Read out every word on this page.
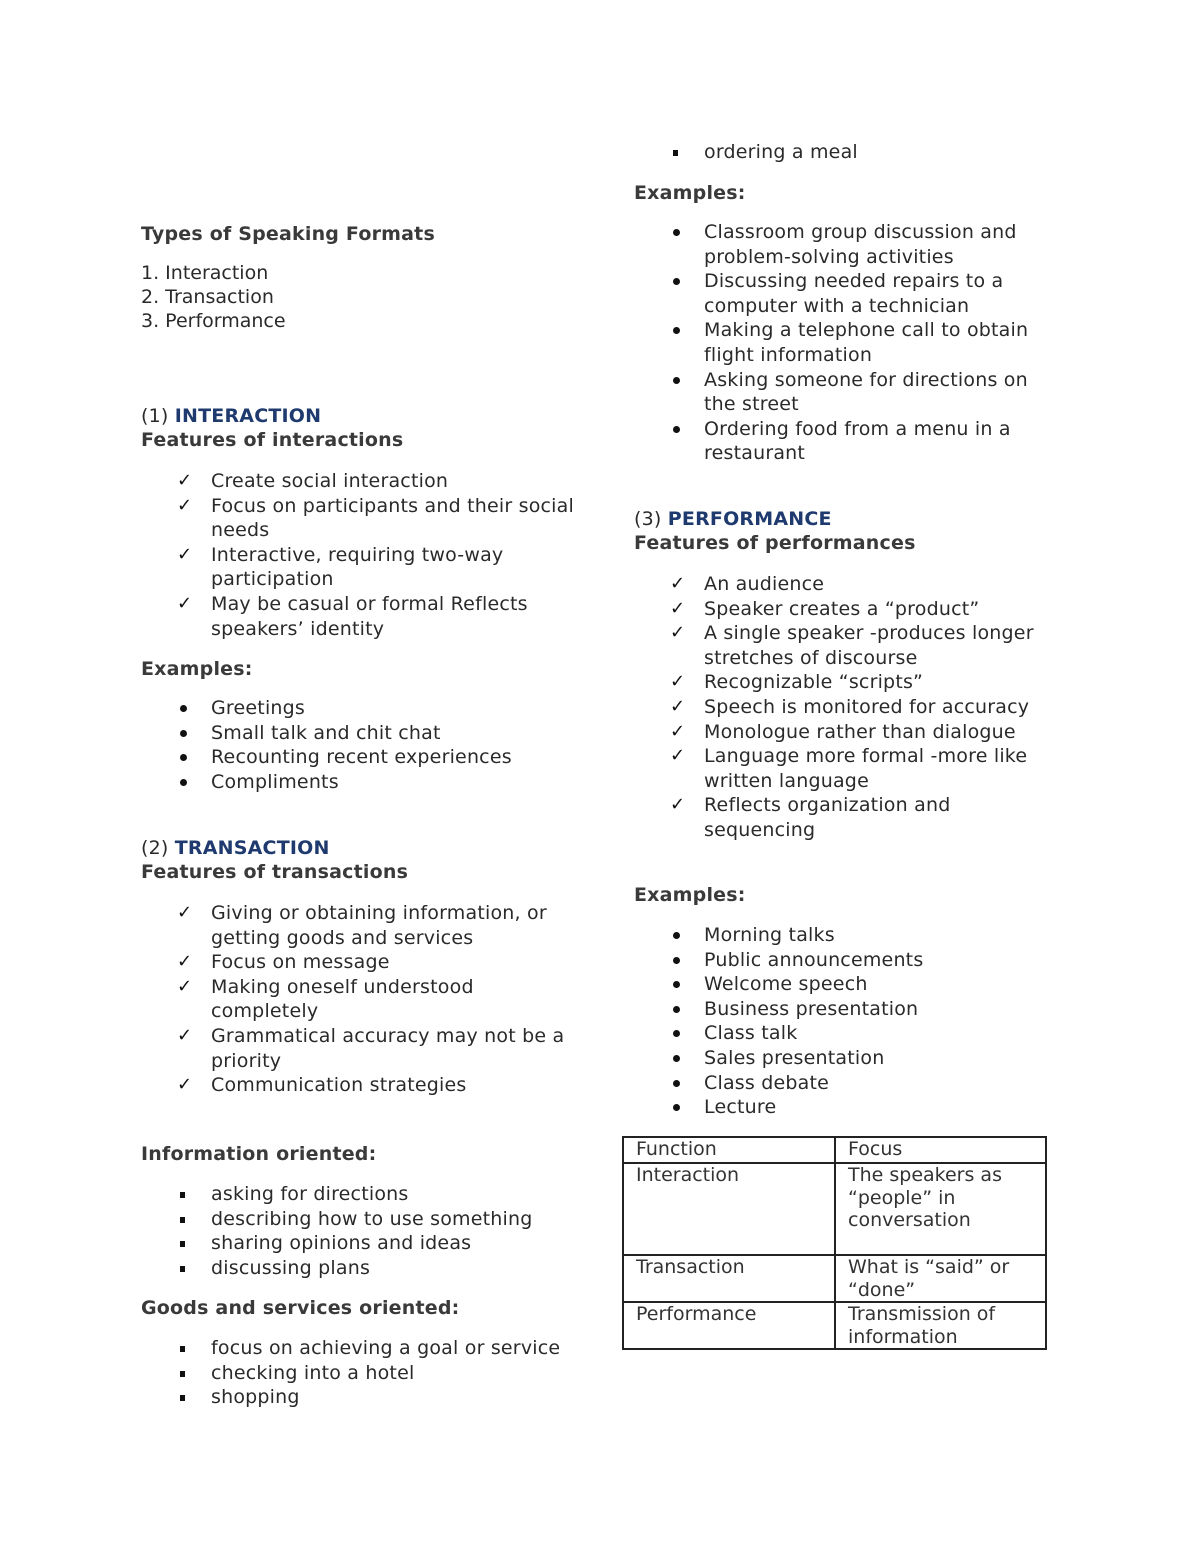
Types of Speaking Formats
1. Interaction
2. Transaction
3. Performance
(1) INTERACTION
Features of interactions
✓ Create social interaction
✓ Focus on participants and their social needs
✓ Interactive, requiring two-way participation
✓ May be casual or formal Reflects speakers’ identity
Examples:
Greetings
Small talk and chit chat
Recounting recent experiences
Compliments
(2) TRANSACTION
Features of transactions
✓ Giving or obtaining information, or getting goods and services
✓ Focus on message
✓ Making oneself understood completely
✓ Grammatical accuracy may not be a priority
✓ Communication strategies
Information oriented:
asking for directions
describing how to use something
sharing opinions and ideas
discussing plans
Goods and services oriented:
focus on achieving a goal or service
checking into a hotel
shopping
ordering a meal
Examples:
Classroom group discussion and problem-solving activities
Discussing needed repairs to a computer with a technician
Making a telephone call to obtain flight information
Asking someone for directions on the street
Ordering food from a menu in a restaurant
(3) PERFORMANCE
Features of performances
✓ An audience
✓ Speaker creates a “product”
✓ A single speaker -produces longer stretches of discourse
✓ Recognizable “scripts”
✓ Speech is monitored for accuracy
✓ Monologue rather than dialogue
✓ Language more formal -more like written language
✓ Reflects organization and sequencing
Examples:
Morning talks
Public announcements
Welcome speech
Business presentation
Class talk
Sales presentation
Class debate
Lecture
Function	Focus
Interaction	The speakers as “people” in conversation
Transaction	What is “said” or “done”
Performance	Transmission of information
